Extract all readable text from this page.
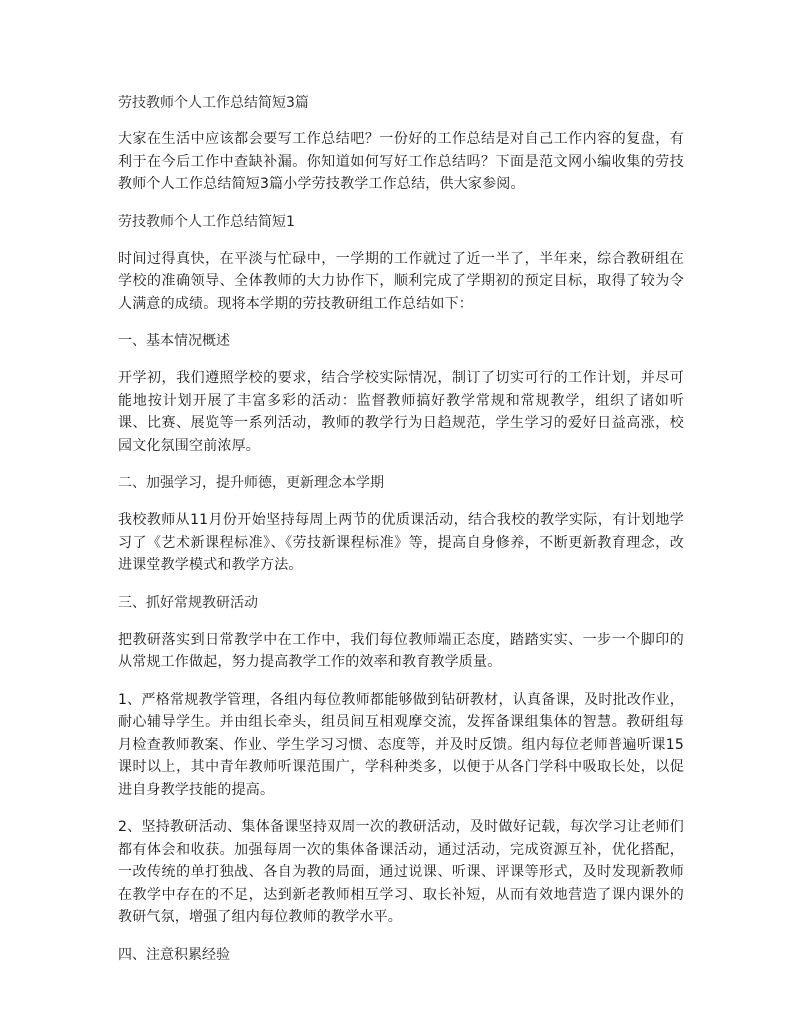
劳技教师个人工作总结简短3篇
大家在生活中应该都会要写工作总结吧？一份好的工作总结是对自己工作内容的复盘，有利于在今后工作中查缺补漏。你知道如何写好工作总结吗？下面是范文网小编收集的劳技教师个人工作总结简短3篇小学劳技教学工作总结，供大家参阅。
劳技教师个人工作总结简短1
时间过得真快，在平淡与忙碌中，一学期的工作就过了近一半了，半年来，综合教研组在学校的准确领导、全体教师的大力协作下，顺利完成了学期初的预定目标，取得了较为令人满意的成绩。现将本学期的劳技教研组工作总结如下：
一、基本情况概述
开学初，我们遵照学校的要求，结合学校实际情况，制订了切实可行的工作计划，并尽可能地按计划开展了丰富多彩的活动：监督教师搞好教学常规和常规教学，组织了诸如听课、比赛、展览等一系列活动，教师的教学行为日趋规范，学生学习的爱好日益高涨，校园文化氛围空前浓厚。
二、加强学习，提升师德，更新理念本学期
我校教师从11月份开始坚持每周上两节的优质课活动，结合我校的教学实际，有计划地学习了《艺术新课程标准》、《劳技新课程标准》等，提高自身修养，不断更新教育理念，改进课堂教学模式和教学方法。
三、抓好常规教研活动
把教研落实到日常教学中在工作中，我们每位教师端正态度，踏踏实实、一步一个脚印的从常规工作做起，努力提高教学工作的效率和教育教学质量。
1、严格常规教学管理，各组内每位教师都能够做到钻研教材，认真备课，及时批改作业，耐心辅导学生。并由组长牵头，组员间互相观摩交流，发挥备课组集体的智慧。教研组每月检查教师教案、作业、学生学习习惯、态度等，并及时反馈。组内每位老师普遍听课15课时以上，其中青年教师听课范围广，学科种类多，以便于从各门学科中吸取长处，以促进自身教学技能的提高。
2、坚持教研活动、集体备课坚持双周一次的教研活动，及时做好记载，每次学习让老师们都有体会和收获。加强每周一次的集体备课活动，通过活动，完成资源互补，优化搭配，一改传统的单打独战、各自为教的局面，通过说课、听课、评课等形式，及时发现新教师在教学中存在的不足，达到新老教师相互学习、取长补短，从而有效地营造了课内课外的教研气氛，增强了组内每位教师的教学水平。
四、注意积累经验
